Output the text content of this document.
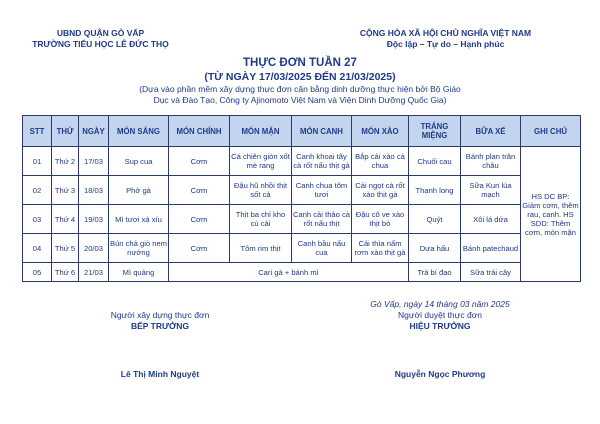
UBND QUẬN GÒ VẤP
TRƯỜNG TIỂU HỌC LÊ ĐỨC THỌ
CỘNG HÒA XÃ HỘI CHỦ NGHĨA VIỆT NAM
Độc lập – Tự do – Hạnh phúc
THỰC ĐƠN TUẦN 27
(TỪ NGÀY 17/03/2025 ĐẾN 21/03/2025)
(Dựa vào phần mềm xây dựng thực đơn cân bằng dinh dưỡng thực hiện bởi Bộ Giáo
Dục và Đào Tạo, Công ty Ajinomoto Việt Nam và Viện Dinh Dưỡng Quốc Gia)
STT	THỨ	NGÀY	MÓN SÁNG	MÓN CHÍNH	MÓN MẶN	MÓN CANH	MÓN XÀO	TRÁNG MIỆNG	BỮA XẾ	GHI CHÚ
01	Thứ 2	17/03	Sup cua	Cơm	Cá chiên giòn xốt mè rang	Canh khoai tây cà rốt nấu thịt gà	Bắp cải xào cà chua	Chuối cau	Bánh plan trân châu	HS DC BP: Giảm cơm, thêm rau, canh. HS SDD: Thêm cơm, món mặn
02	Thứ 3	18/03	Phở gà	Cơm	Đậu hũ nhồi thịt sốt cà	Canh chua tôm tươi	Cải ngọt cà rốt xào thịt gà	Thanh long	Sữa Kun lúa mạch	
03	Thứ 4	19/03	Mì tươi xá xíu	Cơm	Thịt ba chỉ kho củ cải	Canh cải thảo cà rốt nấu thịt	Đậu cô ve xào thịt bò	Quýt	Xôi lá dứa	
04	Thứ 5	20/03	Bún chả giò nem nướng	Cơm	Tôm rim thịt	Canh bầu nấu cua	Cải thìa nấm rơm xào thịt gà	Dưa hấu	Bánh patechaud	
05	Thứ 6	21/03	Mì quảng	Cari gà + bánh mì				Trà bí đao	Sữa trái cây	
Gò Vấp, ngày 14 tháng 03 năm 2025
Người xây dựng thực đơn
BẾP TRƯỞNG
Người duyệt thực đơn
HIỆU TRƯỞNG
Lê Thị Minh Nguyệt	Nguyễn Ngọc Phương
